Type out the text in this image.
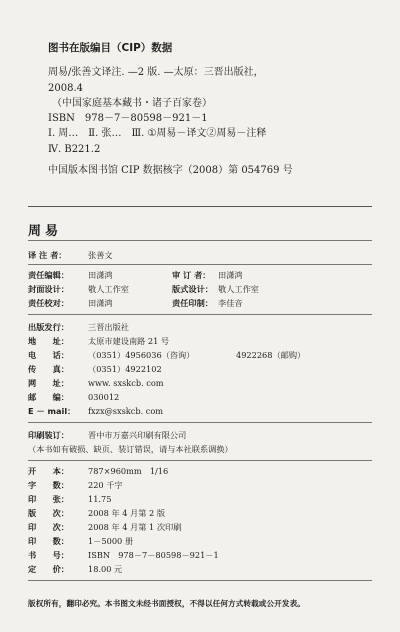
图书在版编目（CIP）数据
周易/张善文译注. —2 版. —太原：三晋出版社，
2008.4
（中国家庭基本藏书・诸子百家卷）
ISBN　978－7－80598－921－1
Ⅰ. 周…　Ⅱ. 张…　Ⅲ. ①周易－译文②周易－注释
Ⅳ. B221.2
中国版本图书馆 CIP 数据核字（2008）第 054769 号
周易
译 注 者：	张善文
责任编辑： 田潇鸿	审 订 者： 田潇鸿
封面设计： 敬人工作室	版式设计： 敬人工作室
责任校对： 田潇鸿	责任印制： 李佳音
出版发行： 三晋出版社
地　　址： 太原市建设南路 21 号
电　　话： （0351）4956036（咨询）	4922268（邮购）
传　　真： （0351）4922102
网　　址： www. sxskcb. com
邮　　编： 030012
E － mail： fxzx@sxskcb. com
印刷装订： 晋中市万嘉兴印刷有限公司
（本书如有破损、缺页、装订错误，请与本社联系调换）
开　　本： 787×960mm　1/16
字　　数： 220 千字
印　　张： 11.75
版　　次： 2008 年 4 月第 2 版
印　　次： 2008 年 4 月第 1 次印刷
印　　数： 1－5000 册
书　　号： ISBN　978－7－80598－921－1
定　　价： 18.00 元
版权所有，翻印必究。本书图文未经书面授权，不得以任何方式转载或公开发表。
